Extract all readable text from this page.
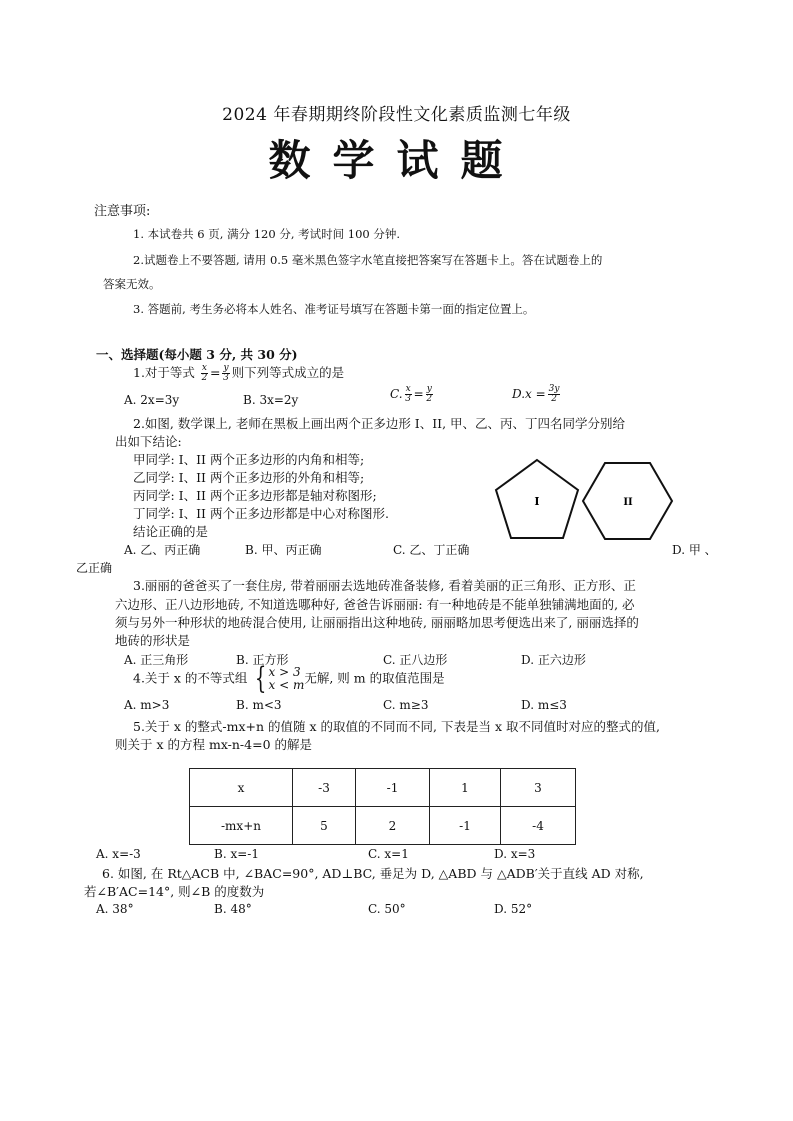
2024 年春期期终阶段性文化素质监测七年级
数学试题
注意事项:
1. 本试卷共 6 页, 满分 120 分, 考试时间 100 分钟.
2.试题卷上不要答题, 请用 0.5 毫米黑色签字水笔直接把答案写在答题卡上。答在试题卷上的
答案无效。
3. 答题前, 考生务必将本人姓名、准考证号填写在答题卡第一面的指定位置上。
一、选择题(每小题 3 分, 共 30 分)
1.对于等式 $\frac{x}{2} = \frac{y}{3}$ 则下列等式成立的是
A. 2x=3y	B. 3x=2y	C. $\frac{x}{3} = \frac{y}{2}$	$D.x = \frac{3y}{2}$
2.如图, 数学课上, 老师在黑板上画出两个正多边形 I、II, 甲、乙、丙、丁四名同学分别给
出如下结论:
甲同学: I、II 两个正多边形的内角和相等;
乙同学: I、II 两个正多边形的外角和相等;
丙同学: I、II 两个正多边形都是轴对称图形;
丁同学: I、II 两个正多边形都是中心对称图形.
结论正确的是
I	II
A. 乙、丙正确	B. 甲、丙正确	C. 乙、丁正确	D. 甲 、
乙正确
3.丽丽的爸爸买了一套住房, 带着丽丽去选地砖准备装修, 看着美丽的正三角形、正方形、正
六边形、正八边形地砖, 不知道选哪种好, 爸爸告诉丽丽: 有一种地砖是不能单独铺满地面的, 必
须与另外一种形状的地砖混合使用, 让丽丽指出这种地砖, 丽丽略加思考便选出来了, 丽丽选择的
地砖的形状是
A. 正三角形	B. 正方形	C. 正八边形	D. 正六边形
4.关于 x 的不等式组 { x > 3
x < m 无解, 则 m 的取值范围是
A. m>3	B. m<3	C. m≥3	D. m≤3
5.关于 x 的整式-mx+n 的值随 x 的取值的不同而不同, 下表是当 x 取不同值时对应的整式的值,
则关于 x 的方程 mx-n-4=0 的解是
x	-3	-1	1	3
-mx+n	5	2	-1	-4
A. x=-3	B. x=-1	C. x=1	D. x=3
6. 如图, 在 Rt△ACB 中, ∠BAC=90°, AD⊥BC, 垂足为 D, △ABD 与 △ADB′关于直线 AD 对称,
若∠B′AC=14°, 则∠B 的度数为
A. 38°	B. 48°	C. 50°	D. 52°
